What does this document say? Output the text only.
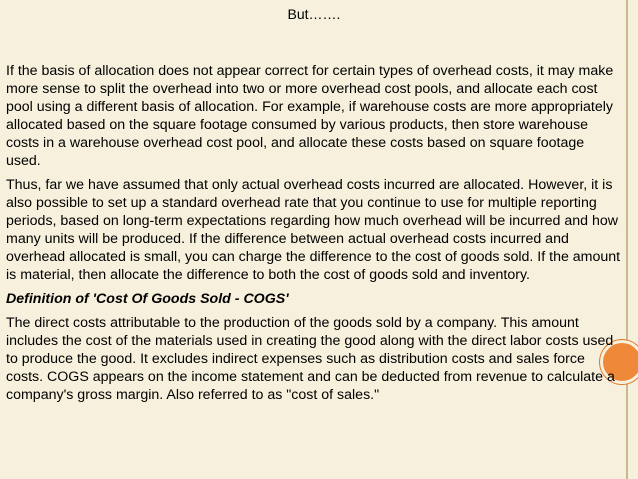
But…….

If the basis of allocation does not appear correct for certain types of overhead costs, it may make more sense to split the overhead into two or more overhead cost pools, and allocate each cost pool using a different basis of allocation. For example, if warehouse costs are more appropriately allocated based on the square footage consumed by various products, then store warehouse costs in a warehouse overhead cost pool, and allocate these costs based on square footage used.

Thus, far we have assumed that only actual overhead costs incurred are allocated. However, it is also possible to set up a standard overhead rate that you continue to use for multiple reporting periods, based on long-term expectations regarding how much overhead will be incurred and how many units will be produced. If the difference between actual overhead costs incurred and overhead allocated is small, you can charge the difference to the cost of goods sold. If the amount is material, then allocate the difference to both the cost of goods sold and inventory.

Definition of 'Cost Of Goods Sold - COGS'

The direct costs attributable to the production of the goods sold by a company. This amount includes the cost of the materials used in creating the good along with the direct labor costs used to produce the good. It excludes indirect expenses such as distribution costs and sales force costs. COGS appears on the income statement and can be deducted from revenue to calculate a company's gross margin. Also referred to as "cost of sales."
